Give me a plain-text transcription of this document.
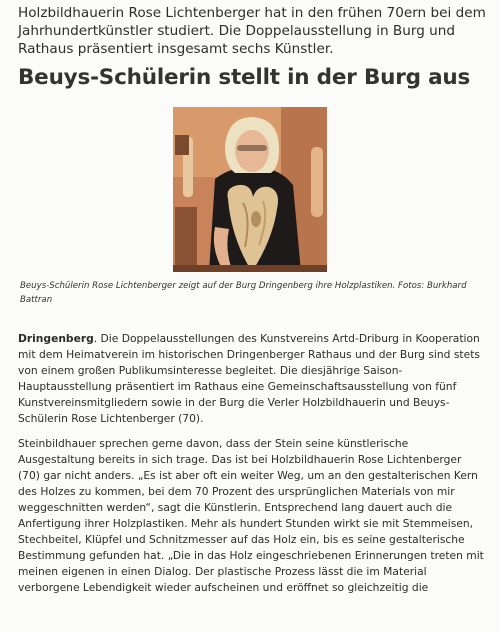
Holzbildhauerin Rose Lichtenberger hat in den frühen 70ern bei dem Jahrhundertkünstler studiert. Die Doppelausstellung in Burg und Rathaus präsentiert insgesamt sechs Künstler.
Beuys-Schülerin stellt in der Burg aus
Beuys-Schülerin Rose Lichtenberger zeigt auf der Burg Dringenberg ihre Holzplastiken. Fotos: Burkhard Battran

Dringenberg. Die Doppelausstellungen des Kunstvereins Artd-Driburg in Kooperation mit dem Heimatverein im historischen Dringenberger Rathaus und der Burg sind stets von einem großen Publikumsinteresse begleitet. Die diesjährige Saison-Hauptausstellung präsentiert im Rathaus eine Gemeinschaftsausstellung von fünf Kunstvereinsmitgliedern sowie in der Burg die Verler Holzbildhauerin und Beuys-Schülerin Rose Lichtenberger (70).

Steinbildhauer sprechen gerne davon, dass der Stein seine künstlerische Ausgestaltung bereits in sich trage. Das ist bei Holzbildhauerin Rose Lichtenberger (70) gar nicht anders. „Es ist aber oft ein weiter Weg, um an den gestalterischen Kern des Holzes zu kommen, bei dem 70 Prozent des ursprünglichen Materials von mir weggeschnitten werden“, sagt die Künstlerin. Entsprechend lang dauert auch die Anfertigung ihrer Holzplastiken. Mehr als hundert Stunden wirkt sie mit Stemmeisen, Stechbeitel, Klüpfel und Schnitzmesser auf das Holz ein, bis es seine gestalterische Bestimmung gefunden hat. „Die in das Holz eingeschriebenen Erinnerungen treten mit meinen eigenen in einen Dialog. Der plastische Prozess lässt die im Material verborgene Lebendigkeit wieder aufscheinen und eröffnet so gleichzeitig die
